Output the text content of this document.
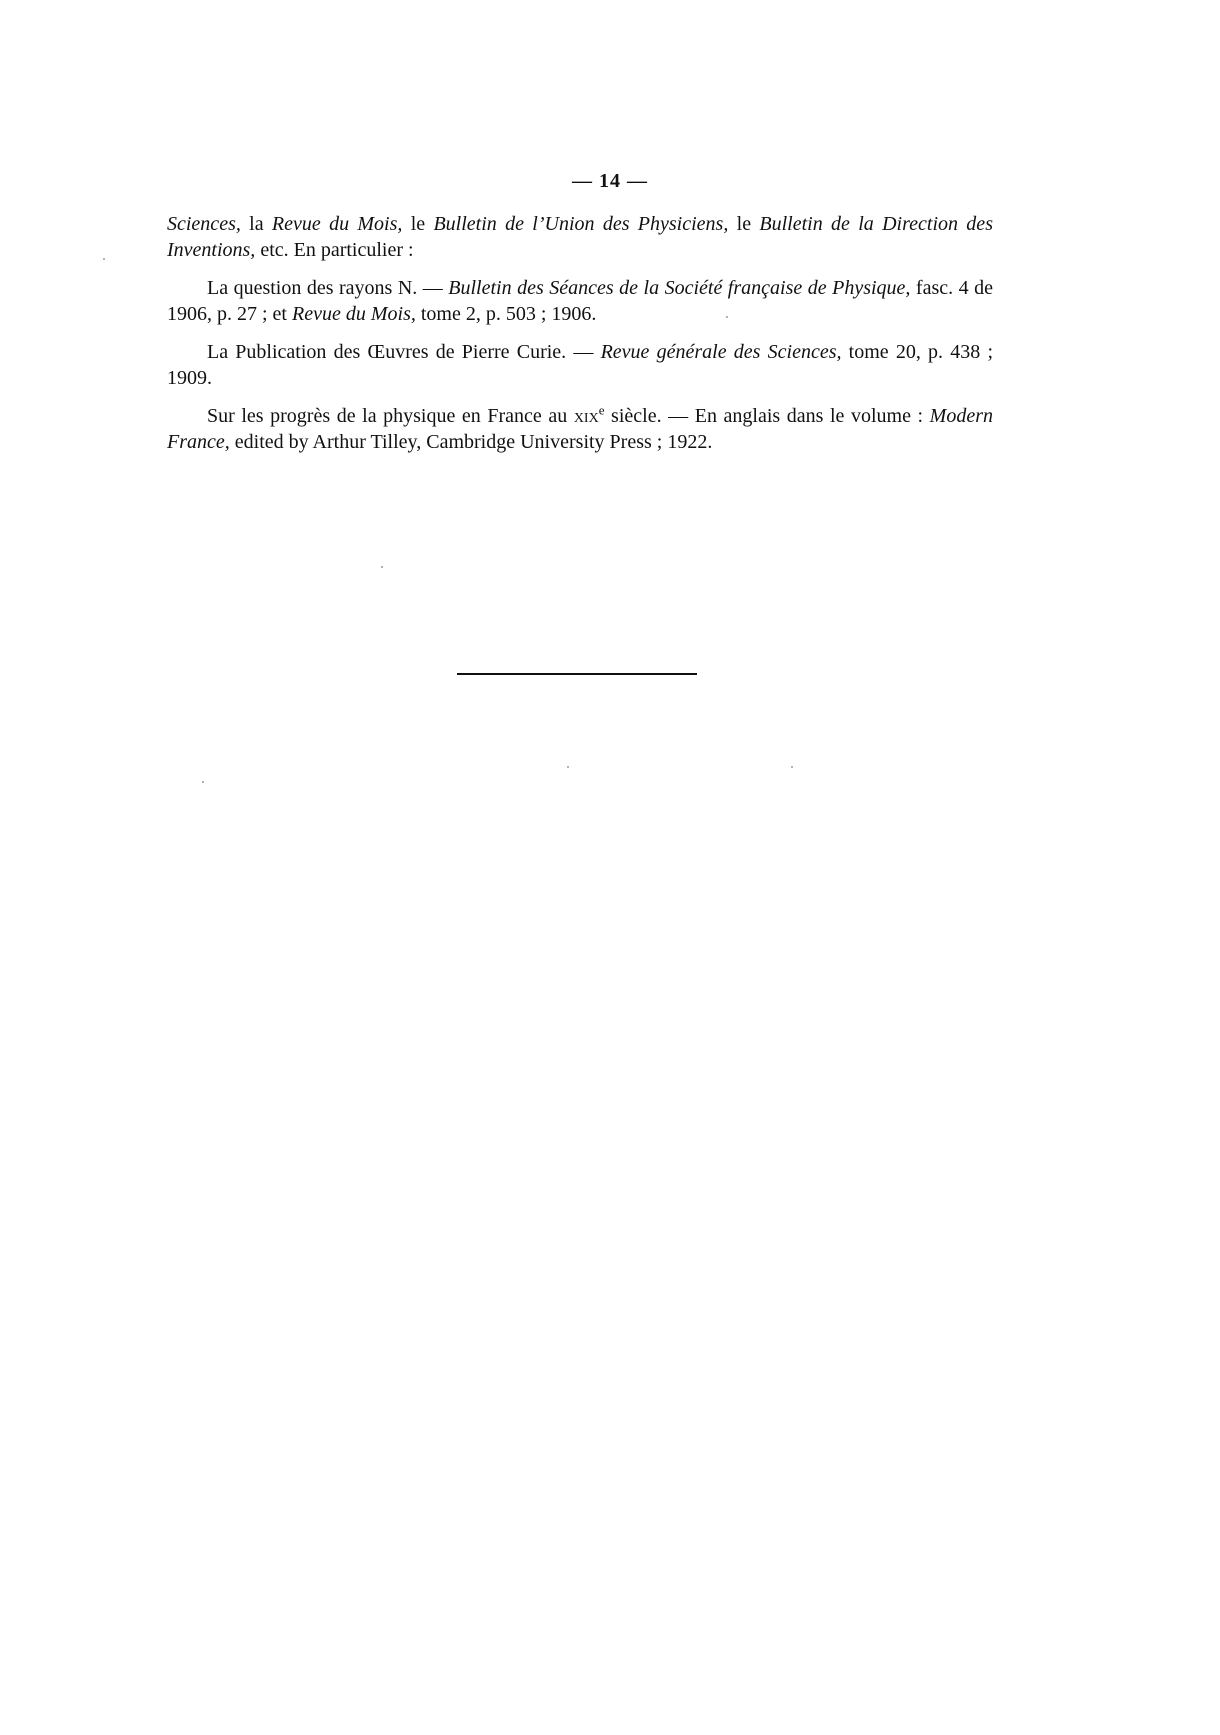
— 14 —

Sciences, la Revue du Mois, le Bulletin de l’Union des Physiciens, le Bulletin de la Direction des Inventions, etc. En particulier :

La question des rayons N. — Bulletin des Séances de la Société française de Physique, fasc. 4 de 1906, p. 27 ; et Revue du Mois, tome 2, p. 503 ; 1906.

La Publication des Œuvres de Pierre Curie. — Revue générale des Sciences, tome 20, p. 438 ; 1909.

Sur les progrès de la physique en France au xix$^e$ siècle. — En anglais dans le volume : Modern France, edited by Arthur Tilley, Cambridge University Press ; 1922.
